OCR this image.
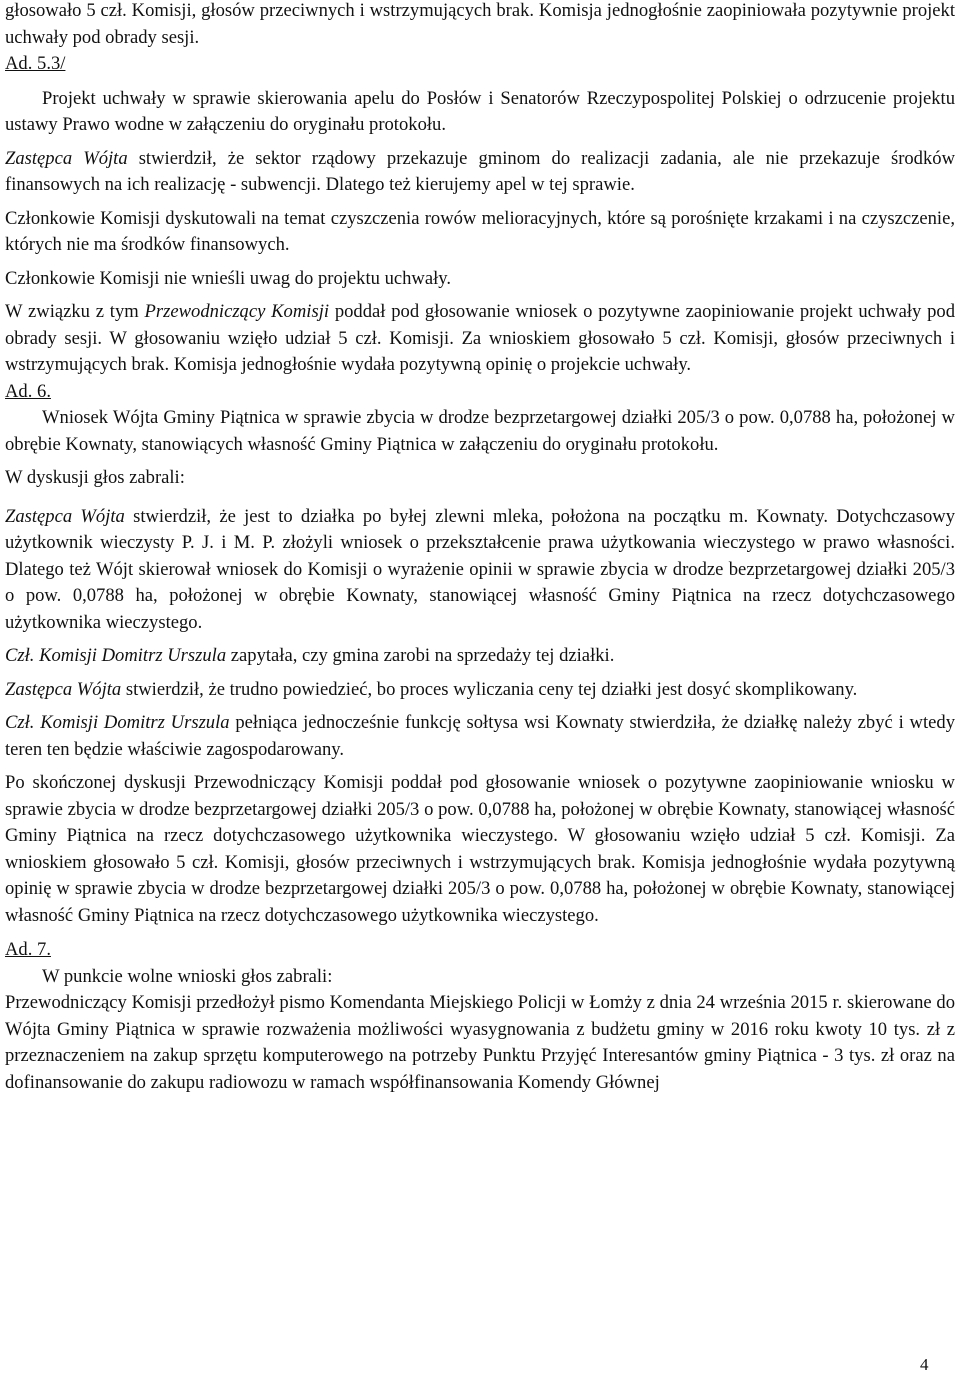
głosowało 5 czł. Komisji, głosów przeciwnych i wstrzymujących brak. Komisja jednogłośnie zaopiniowała pozytywnie projekt uchwały pod obrady sesji.

Ad. 5.3/

Projekt uchwały w sprawie skierowania apelu do Posłów i Senatorów Rzeczypospolitej Polskiej o odrzucenie projektu ustawy Prawo wodne w załączeniu do oryginału protokołu.

Zastępca Wójta stwierdził, że sektor rządowy przekazuje gminom do realizacji zadania, ale nie przekazuje środków finansowych na ich realizację - subwencji. Dlatego też kierujemy apel w tej sprawie.

Członkowie Komisji dyskutowali na temat czyszczenia rowów melioracyjnych, które są porośnięte krzakami i na czyszczenie, których nie ma środków finansowych.

Członkowie Komisji nie wnieśli uwag do projektu uchwały.

W związku z tym Przewodniczący Komisji poddał pod głosowanie wniosek o pozytywne zaopiniowanie projekt uchwały pod obrady sesji. W głosowaniu wzięło udział 5 czł. Komisji. Za wnioskiem głosowało 5 czł. Komisji, głosów przeciwnych i wstrzymujących brak. Komisja jednogłośnie wydała pozytywną opinię o projekcie uchwały.

Ad. 6.

Wniosek Wójta Gminy Piątnica w sprawie zbycia w drodze bezprzetargowej działki 205/3 o pow. 0,0788 ha, położonej w obrębie Kownaty, stanowiących własność Gminy Piątnica w załączeniu do oryginału protokołu.

W dyskusji głos zabrali:

Zastępca Wójta stwierdził, że jest to działka po byłej zlewni mleka, położona na początku m. Kownaty. Dotychczasowy użytkownik wieczysty P. J. i M. P. złożyli wniosek o przekształcenie prawa użytkowania wieczystego w prawo własności. Dlatego też Wójt skierował wniosek do Komisji o wyrażenie opinii w sprawie zbycia w drodze bezprzetargowej działki 205/3 o pow. 0,0788 ha, położonej w obrębie Kownaty, stanowiącej własność Gminy Piątnica na rzecz dotychczasowego użytkownika wieczystego.

Czł. Komisji Domitrz Urszula zapytała, czy gmina zarobi na sprzedaży tej działki.

Zastępca Wójta stwierdził, że trudno powiedzieć, bo proces wyliczania ceny tej działki jest dosyć skomplikowany.

Czł. Komisji Domitrz Urszula pełniąca jednocześnie funkcję sołtysa wsi Kownaty stwierdziła, że działkę należy zbyć i wtedy teren ten będzie właściwie zagospodarowany.

Po skończonej dyskusji Przewodniczący Komisji poddał pod głosowanie wniosek o pozytywne zaopiniowanie wniosku w sprawie zbycia w drodze bezprzetargowej działki 205/3 o pow. 0,0788 ha, położonej w obrębie Kownaty, stanowiącej własność Gminy Piątnica na rzecz dotychczasowego użytkownika wieczystego. W głosowaniu wzięło udział 5 czł. Komisji. Za wnioskiem głosowało 5 czł. Komisji, głosów przeciwnych i wstrzymujących brak. Komisja jednogłośnie wydała pozytywną opinię w sprawie zbycia w drodze bezprzetargowej działki 205/3 o pow. 0,0788 ha, położonej w obrębie Kownaty, stanowiącej własność Gminy Piątnica na rzecz dotychczasowego użytkownika wieczystego.

Ad. 7.

W punkcie wolne wnioski głos zabrali:

Przewodniczący Komisji przedłożył pismo Komendanta Miejskiego Policji w Łomży z dnia 24 września 2015 r. skierowane do Wójta Gminy Piątnica w sprawie rozważenia możliwości wyasygnowania z budżetu gminy w 2016 roku kwoty 10 tys. zł z przeznaczeniem na zakup sprzętu komputerowego na potrzeby Punktu Przyjęć Interesantów gminy Piątnica - 3 tys. zł oraz na dofinansowanie do zakupu radiowozu w ramach współfinansowania Komendy Głównej

4
